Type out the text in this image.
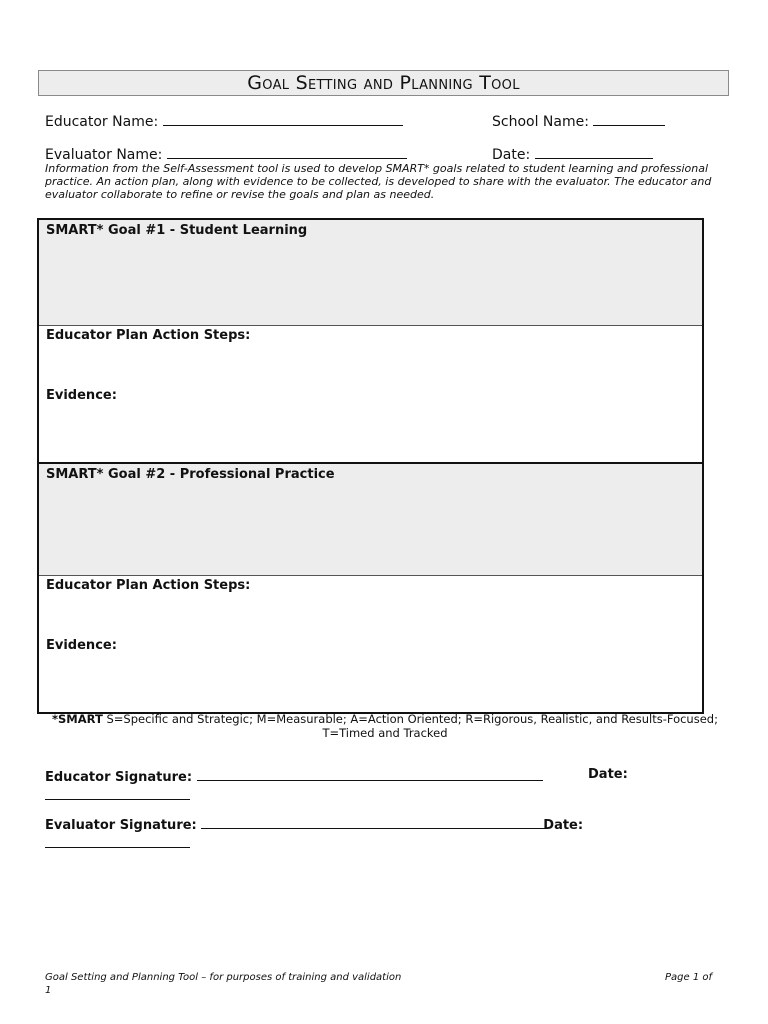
Goal Setting and Planning Tool
Educator Name:	School Name:
Evaluator Name:	Date:
Information from the Self-Assessment tool is used to develop SMART* goals related to student learning and professional practice. An action plan, along with evidence to be collected, is developed to share with the evaluator. The educator and evaluator collaborate to refine or revise the goals and plan as needed.
SMART* Goal #1 - Student Learning
Educator Plan Action Steps:
Evidence:
SMART* Goal #2 - Professional Practice
Educator Plan Action Steps:
Evidence:
*SMART S=Specific and Strategic; M=Measurable; A=Action Oriented; R=Rigorous, Realistic, and Results-Focused;
T=Timed and Tracked
Educator Signature:	Date:
Evaluator Signature:	Date:
Goal Setting and Planning Tool – for purposes of training and validation	Page 1 of
1
